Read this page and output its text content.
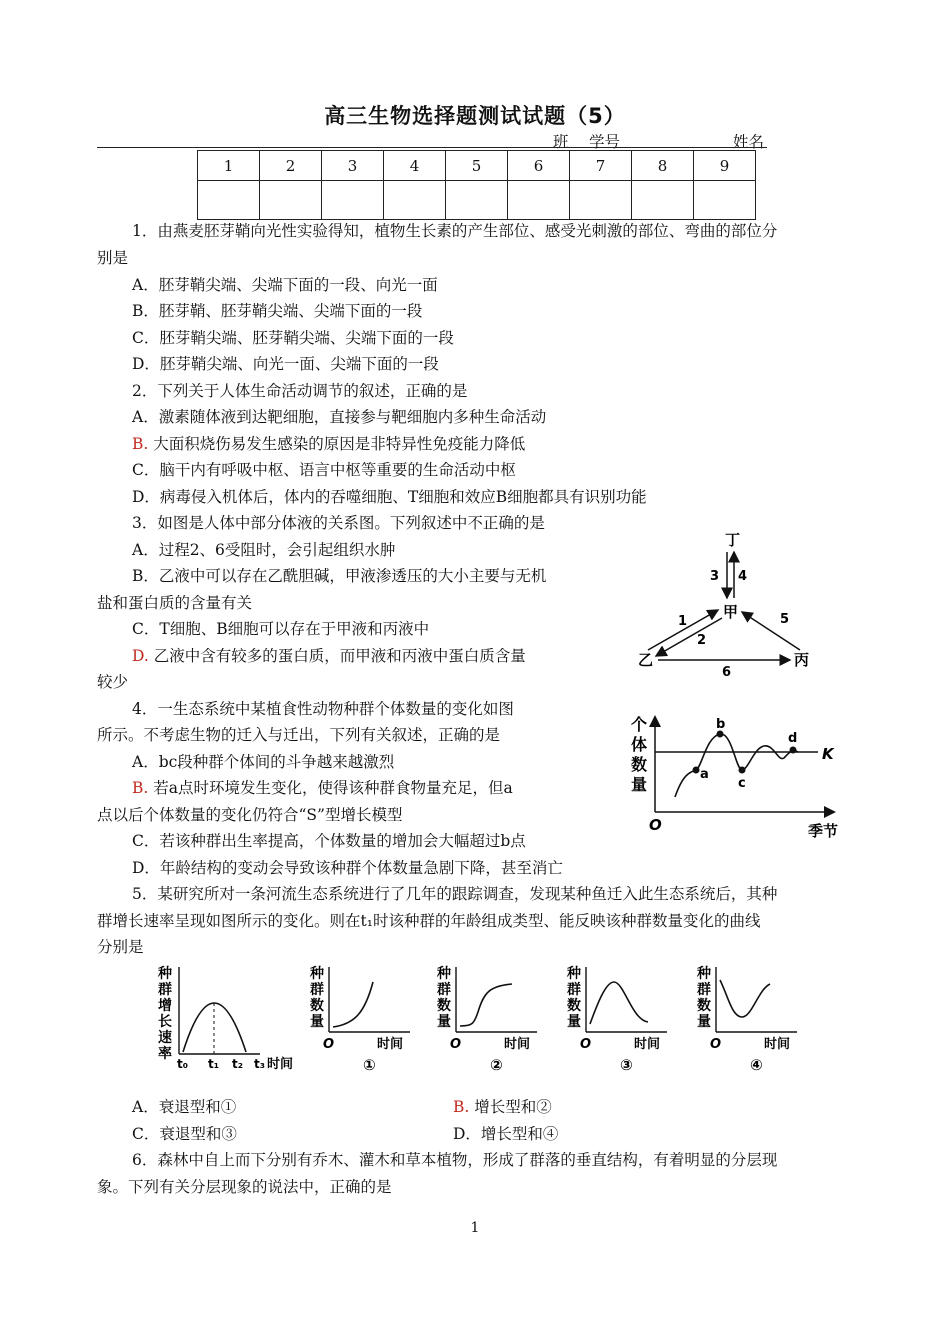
高三生物选择题测试试题（5）
班 学号	姓名
1	2	3	4	5	6	7	8	9

1．由燕麦胚芽鞘向光性实验得知，植物生长素的产生部位、感受光刺激的部位、弯曲的部位分
别是
A．胚芽鞘尖端、尖端下面的一段、向光一面
B．胚芽鞘、胚芽鞘尖端、尖端下面的一段
C．胚芽鞘尖端、胚芽鞘尖端、尖端下面的一段
D．胚芽鞘尖端、向光一面、尖端下面的一段
2．下列关于人体生命活动调节的叙述，正确的是
A．激素随体液到达靶细胞，直接参与靶细胞内多种生命活动
B. 大面积烧伤易发生感染的原因是非特异性免疫能力降低
C．脑干内有呼吸中枢、语言中枢等重要的生命活动中枢
D．病毒侵入机体后，体内的吞噬细胞、T细胞和效应B细胞都具有识别功能
3．如图是人体中部分体液的关系图。下列叙述中不正确的是
A．过程2、6受阻时，会引起组织水肿
B．乙液中可以存在乙酰胆碱，甲液渗透压的大小主要与无机
盐和蛋白质的含量有关
C．T细胞、B细胞可以存在于甲液和丙液中
D. 乙液中含有较多的蛋白质，而甲液和丙液中蛋白质含量
较少
丁
3 4
甲
1
2
5
乙
6
丙
4．一生态系统中某植食性动物种群个体数量的变化如图
所示。不考虑生物的迁入与迁出，下列有关叙述，正确的是
A．bc段种群个体间的斗争越来越激烈
B. 若a点时环境发生变化，使得该种群食物量充足，但a
点以后个体数量的变化仍符合“S”型增长模型
C．若该种群出生率提高，个体数量的增加会大幅超过b点
D．年龄结构的变动会导致该种群个体数量急剧下降，甚至消亡
个
体
数
量
K
a
b
c
d
O	季节
5．某研究所对一条河流生态系统进行了几年的跟踪调查，发现某种鱼迁入此生态系统后，其种
群增长速率呈现如图所示的变化。则在t₁时该种群的年龄组成类型、能反映该种群数量变化的曲线
分别是
种
群
增
长
速
率
t₀ t₁ t₂ t₃ 时间
种
群
数
量
O	时间
①
种
群
数
量
O	时间
②
种
群
数
量
O	时间
③
种
群
数
量
O	时间
④
A．衰退型和①	B. 增长型和②
C．衰退型和③	D．增长型和④
6．森林中自上而下分别有乔木、灌木和草本植物，形成了群落的垂直结构，有着明显的分层现
象。下列有关分层现象的说法中，正确的是
1
